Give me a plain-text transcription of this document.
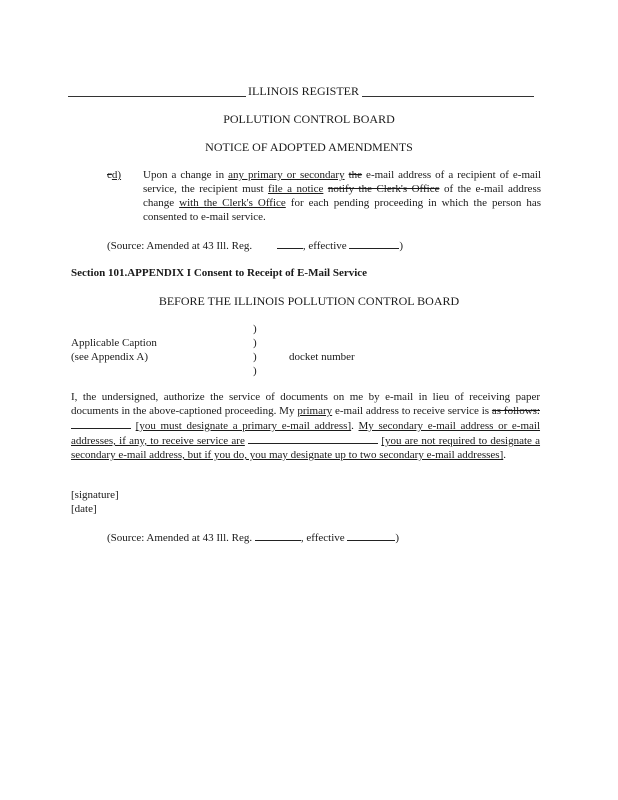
ILLINOIS REGISTER
POLLUTION CONTROL BOARD
NOTICE OF ADOPTED AMENDMENTS
cd) Upon a change in any primary or secondary the e-mail address of a recipient of e-mail service, the recipient must file a notice notify the Clerk's Office of the e-mail address change with the Clerk's Office for each pending proceeding in which the person has consented to e-mail service.
(Source: Amended at 43 Ill. Reg.	, effective	)
Section 101.APPENDIX I Consent to Receipt of E-Mail Service
BEFORE THE ILLINOIS POLLUTION CONTROL BOARD
)
Applicable Caption	)
(see Appendix A)	)	docket number
)
I, the undersigned, authorize the service of documents on me by e-mail in lieu of receiving paper documents in the above-captioned proceeding. My primary e-mail address to receive service is as follows:  [you must designate a primary e-mail address]. My secondary e-mail address or e-mail addresses, if any, to receive service are	[you are not required to designate a secondary e-mail address, but if you do, you may designate up to two secondary e-mail addresses].
[signature]
[date]
(Source: Amended at 43 Ill. Reg.	, effective	)
